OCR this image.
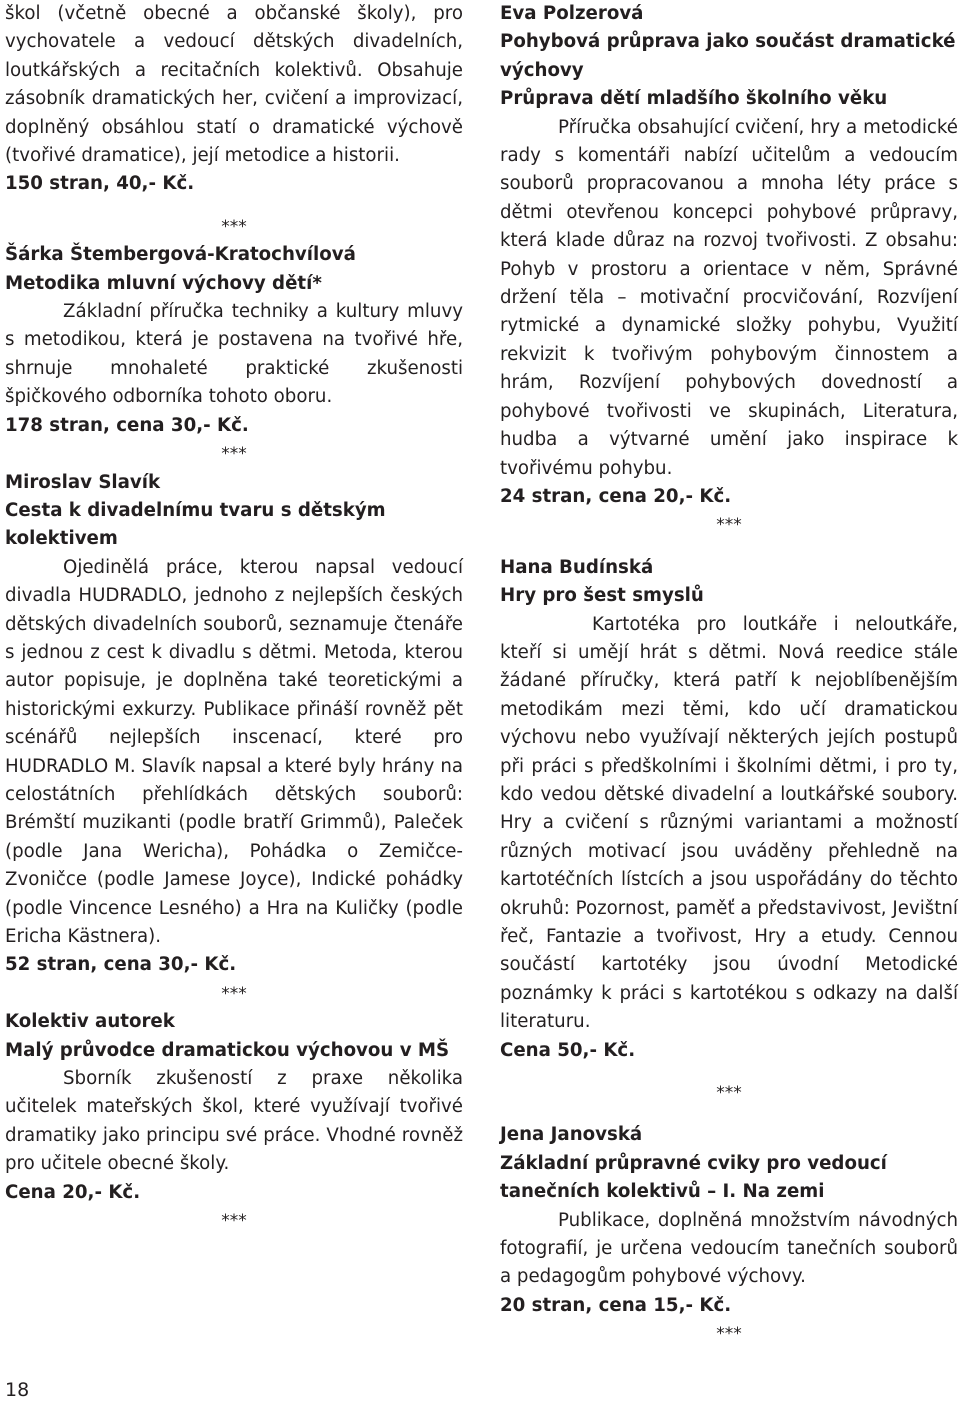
škol (včetně obecné a občanské školy), pro vychovatele a vedoucí dětských divadelních, loutkářských a recitačních kolektivů. Obsahuje zásobník dramatických her, cvičení a improvizací, doplněný obsáhlou statí o dramatické výchově (tvořivé dramatice), její metodice a historii.

150 stran, 40,- Kč.

***

Šárka Štembergová-Kratochvílová
Metodika mluvní výchovy dětí*

Základní příručka techniky a kultury mluvy s metodikou, která je postavena na tvořivé hře, shrnuje mnohaleté praktické zkušenosti špičkového odborníka tohoto oboru.

178 stran, cena 30,- Kč.

***

Miroslav Slavík
Cesta k divadelnímu tvaru s dětským kolektivem

Ojedinělá práce, kterou napsal vedoucí divadla HUDRADLO, jednoho z nejlepších českých dětských divadelních souborů, seznamuje čtenáře s jednou z cest k divadlu s dětmi. Metoda, kterou autor popisuje, je doplněna také teoretickými a historickými exkurzy. Publikace přináší rovněž pět scénářů nejlepších inscenací, které pro HUDRADLO M. Slavík napsal a které byly hrány na celostátních přehlídkách dětských souborů: Brémští muzikanti (podle bratří Grimmů), Paleček (podle Jana Wericha), Pohádka o Zemičce-Zvoničce (podle Jamese Joyce), Indické pohádky (podle Vincence Lesného) a Hra na Kuličky (podle Ericha Kästnera).

52 stran, cena 30,- Kč.

***

Kolektiv autorek
Malý průvodce dramatickou výchovou v MŠ

Sborník zkušeností z praxe několika učitelek mateřských škol, které využívají tvořivé dramatiky jako principu své práce. Vhodné rovněž pro učitele obecné školy.

Cena 20,- Kč.

***

Eva Polzerová
Pohybová průprava jako součást dramatické výchovy
Průprava dětí mladšího školního věku

Příručka obsahující cvičení, hry a metodické rady s komentáři nabízí učitelům a vedoucím souborů propracovanou a mnoha léty práce s dětmi otevřenou koncepci pohybové průpravy, která klade důraz na rozvoj tvořivosti. Z obsahu: Pohyb v prostoru a orientace v něm, Správné držení těla – motivační procvičování, Rozvíjení rytmické a dynamické složky pohybu, Využití rekvizit k tvořivým pohybovým činnostem a hrám, Rozvíjení pohybových dovedností a pohybové tvořivosti ve skupinách, Literatura, hudba a výtvarné umění jako inspirace k tvořivému pohybu.

24 stran, cena 20,- Kč.

***

Hana Budínská
Hry pro šest smyslů

Kartotéka pro loutkáře i neloutkáře, kteří si umějí hrát s dětmi. Nová reedice stále žádané příručky, která patří k nejoblíbenějším metodikám mezi těmi, kdo učí dramatickou výchovu nebo využívají některých jejích postupů při práci s předškolními i školními dětmi, i pro ty, kdo vedou dětské divadelní a loutkářské soubory. Hry a cvičení s různými variantami a možností různých motivací jsou uváděny přehledně na kartotéčních lístcích a jsou uspořádány do těchto okruhů: Pozornost, paměť a představivost, Jevištní řeč, Fantazie a tvořivost, Hry a etudy. Cennou součástí kartotéky jsou úvodní Metodické poznámky k práci s kartotékou s odkazy na další literaturu.

Cena 50,- Kč.

***

Jena Janovská
Základní průpravné cviky pro vedoucí tanečních kolektivů – I. Na zemi

Publikace, doplněná množstvím návodných fotografií, je určena vedoucím tanečních souborů a pedagogům pohybové výchovy.

20 stran, cena 15,- Kč.

***

18
